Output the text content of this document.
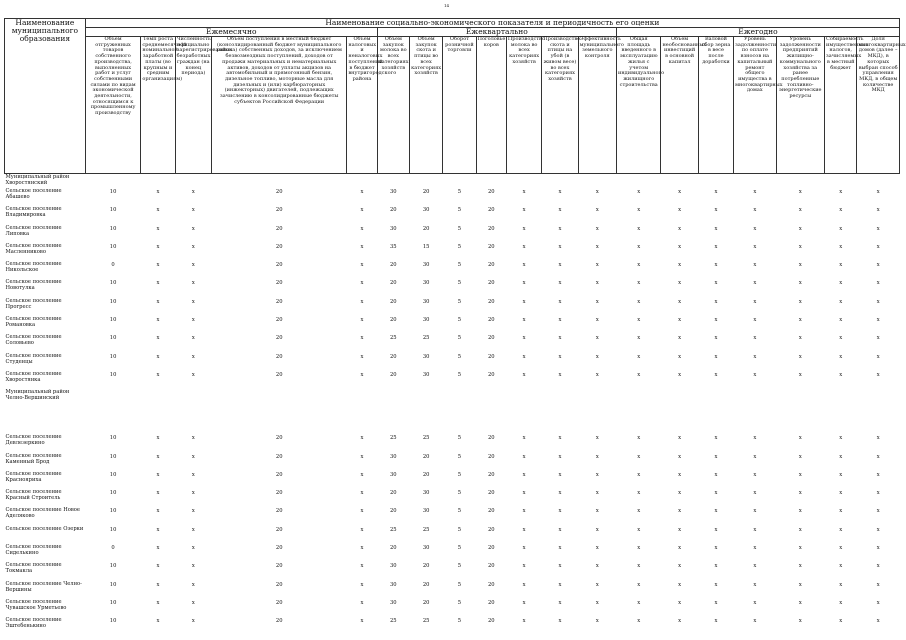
14
Наименование муниципального образования	Наименование социально-экономического показателя и периодичность его оценки																		
	Ежемесячно					Ежеквартально							Ежегодно						
	Объем отгруженных товаров собственного производства, выполненных работ и услуг собственными силами по видам экономической деятельности, относящимся к промышленному производству	Темп роста среднемесячной номинальной заработной платы (во крупным и средним организациям)	Численность официально зарегистрированных безработных граждан (на конец периода)	Объем поступления в местный бюджет (консолидированный бюджет муниципального района) собственных доходов, за исключением безвозмездных поступлений, доходов от продажи материальных и нематериальных активов, доходов от уплаты акцизов на автомобильный и прямогонный бензин, дизельное топливо, моторные масла для дизельных и (или) карбюраторных (инжекторных) двигателей, подлежащих зачислению в консолидированные бюджеты субъектов Российской Федерации	Объем налоговых и неналоговых поступлений в бюджет внутригородского района	Объем закупок молока во всех категориях хозяйств	Объем закупок скота и птицы во всех категориях хозяйств	Оборот розничной торговли	Поголовье коров	Производство молока во всех категориях хозяйств	Производство скота и птицы на убой (в живом весе) во всех категориях хозяйств	Эффективность муниципального земельного контроля	Общая площадь введенного в эксплуатацию жилья с учетом индивидуального жилищного строительства	Объем необоснованных инвестиций в основной капитал	Валовой сбор зерна в весе после доработки	Уровень задолженности по оплате взносов на капитальный ремонт общего имущества в многоквартирных домах	Уровень задолженности предприятий жилищно-коммунального хозяйства за ранее потребленные топливно-энергетические ресурсы	Собираемость имущественных налогов, зачисляемых в местный бюджет	Доля многоквартирных домов (далее – МКД), в которых выбран способ управления МКД, в общем количестве МКД
Муниципальный район Хворостянский																			
Сельское поселение Абашево	10	x	x	20	x	30	20	5	20	x	x	x	x	x	x	x	x	x	x
Сельское поселение Владимировка	10	x	x	20	x	20	30	5	20	x	x	x	x	x	x	x	x	x	x
Сельское поселение Липовка	10	x	x	20	x	30	20	5	20	x	x	x	x	x	x	x	x	x	x
Сельское поселение Масленниково	10	x	x	20	x	35	15	5	20	x	x	x	x	x	x	x	x	x	x
Сельское поселение Никольское	0	x	x	20	x	20	30	5	20	x	x	x	x	x	x	x	x	x	x
Сельское поселение Новотулка	10	x	x	20	x	20	30	5	20	x	x	x	x	x	x	x	x	x	x
Сельское поселение Прогресс	10	x	x	20	x	20	30	5	20	x	x	x	x	x	x	x	x	x	x
Сельское поселение Романовка	10	x	x	20	x	20	30	5	20	x	x	x	x	x	x	x	x	x	x
Сельское поселение Соловьево	10	x	x	20	x	25	25	5	20	x	x	x	x	x	x	x	x	x	x
Сельское поселение Студенцы	10	x	x	20	x	20	30	5	20	x	x	x	x	x	x	x	x	x	x
Сельское поселение Хворостянка	10	x	x	20	x	20	30	5	20	x	x	x	x	x	x	x	x	x	x
Муниципальный район Челно-Вершинский																			
Сельское поселение Девлезеркино	10	x	x	20	x	25	25	5	20	x	x	x	x	x	x	x	x	x	x
Сельское поселение Каменный Брод	10	x	x	20	x	30	20	5	20	x	x	x	x	x	x	x	x	x	x
Сельское поселение Краснояриха	10	x	x	20	x	30	20	5	20	x	x	x	x	x	x	x	x	x	x
Сельское поселение Красный Строитель	10	x	x	20	x	20	30	5	20	x	x	x	x	x	x	x	x	x	x
Сельское поселение Новое Аделяково	10	x	x	20	x	20	30	5	20	x	x	x	x	x	x	x	x	x	x
Сельское поселение Озерки	10	x	x	20	x	25	25	5	20	x	x	x	x	x	x	x	x	x	x
Сельское поселение Сиделькино	0	x	x	20	x	20	30	5	20	x	x	x	x	x	x	x	x	x	x
Сельское поселение Токмакла	10	x	x	20	x	30	20	5	20	x	x	x	x	x	x	x	x	x	x
Сельское поселение Челно-Вершины	10	x	x	20	x	30	20	5	20	x	x	x	x	x	x	x	x	x	x
Сельское поселение Чувашское Урметьево	10	x	x	20	x	30	20	5	20	x	x	x	x	x	x	x	x	x	x
Сельское поселение Эштебенькино	10	x	x	20	x	25	25	5	20	x	x	x	x	x	x	x	x	x	x
